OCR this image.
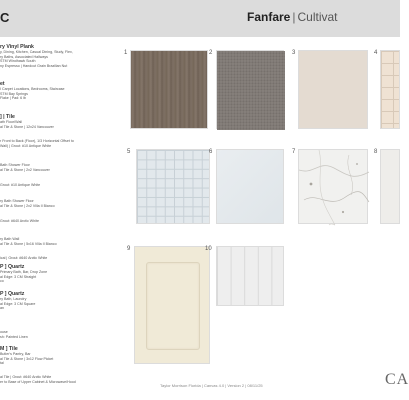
C	Fanfare | Cultivat
ry Vinyl Plank
y, Dining, Kitchen, Casual Dining, Study, Flex,
ry Baths, Associated Hallways
STM Windhawk South
ny Espresso | Handcut Grain Brazilian Nut
et
I Carpet Locations, Bedrooms, Staircase
STM Bay Springs
Flake | Pad: 6 lb
] | Tile
ath Floor/Wall
al Tile & Stone | 12x24 Vancouver
r Front to Back (Floor), 1/3 Horizontal Offset to
Wall) | Grout: #10 Antique White
Bath Shower Floor
al Tile & Stone | 2x2 Vancouver
Grout: #10 Antique White
ry Bath Shower Floor
al Tile & Stone | 2x2 Villa II Bianco
Grout: #640 Arctic White
ry Bath Wall
al Tile & Stone | 5x16 Villa II Bianco
ical | Grout: #640 Arctic White
P ] Quartz
Primary Bath, Bar, Drop Zone
al Edge: 3 CM Straight
co
P ] Quartz
ry Bath, Laundry
al Edge: 3 CM Square
an
ouse
sh: Painted Linen
M ] Tile
Butler's Pantry, Bar
al Tile & Stone | 3x12 Flow Picket
tal
al Tile | Grout: #640 Arctic White
er to Base of Upper Cabinet & Microwave/Hood
1	2	3	4
5	6	7	8
9	10
Taylor Morrison Florida | Canvas 4.0 | Version 2 | 08/11/25	CA
